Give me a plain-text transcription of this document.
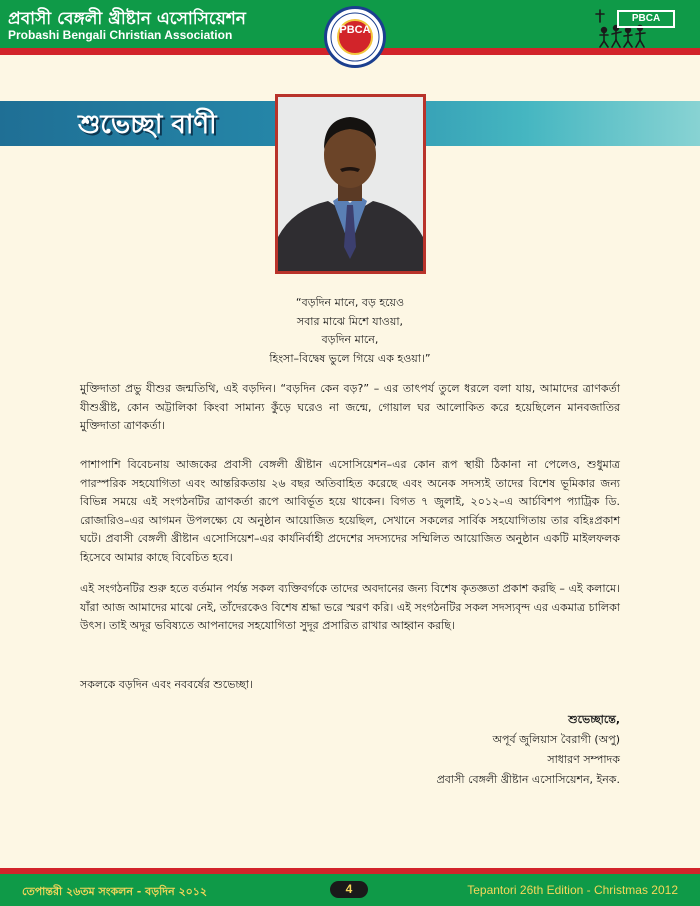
প্রবাসী বেঙ্গলী খ্রীষ্টান এসোসিয়েশন
Probashi Bengali Christian Association
PBCA
PBCA
শুভেচ্ছা বাণী
“বড়দিন মানে, বড় হয়েও
সবার মাঝে মিশে যাওয়া,
বড়দিন মানে,
হিংসা–বিদ্বেষ ভুলে গিয়ে এক হওয়া।”

মুক্তিদাতা প্রভু যীশুর জন্মতিথি, এই বড়দিন। “বড়দিন কেন বড়?” – এর তাৎপর্য তুলে ধরলে বলা যায়, আমাদের ত্রাণকর্তা যীশুখ্রীষ্ট, কোন অট্টালিকা কিংবা সামান্য কুঁড়ে ঘরেও না জন্মে, গোয়াল ঘর আলোকিত করে হয়েছিলেন মানবজাতির মুক্তিদাতা ত্রাণকর্তা।

পাশাপাশি বিবেচনায় আজকের প্রবাসী বেঙ্গলী খ্রীষ্টান এসোসিয়েশন–এর কোন রূপ স্থায়ী ঠিকানা না পেলেও, শুধুমাত্র পারস্পরিক সহযোগিতা এবং আন্তরিকতায় ২৬ বছর অতিবাহিত করেছে এবং অনেক সদস্যই তাদের বিশেষ ভূমিকার জন্য বিভিন্ন সময়ে এই সংগঠনটির ত্রাণকর্তা রূপে আবির্ভূত হয়ে থাকেন। বিগত ৭ জুলাই, ২০১২–এ আর্চবিশপ প্যাট্রিক ডি. রোজারিও–এর আগমন উপলক্ষ্যে যে অনুষ্ঠান আয়োজিত হয়েছিল, সেখানে সকলের সার্বিক সহযোগিতায় তার বহিঃপ্রকাশ ঘটে। প্রবাসী বেঙ্গলী খ্রীষ্টান এসোসিয়েশ–এর কার্যনির্বাহী প্রদেশের সদস্যদের সম্মিলিত আয়োজিত অনুষ্ঠান একটি মাইলফলক হিসেবে আমার কাছে বিবেচিত হবে।

এই সংগঠনটির শুরু হতে বর্তমান পর্যন্ত সকল ব্যক্তিবর্গকে তাদের অবদানের জন্য বিশেষ কৃতজ্ঞতা প্রকাশ করছি – এই কলামে। যাঁরা আজ আমাদের মাঝে নেই, তাঁদেরকেও বিশেষ শ্রদ্ধা ভরে স্মরণ করি। এই সংগঠনটির সকল সদস্যবৃন্দ এর একমাত্র চালিকা উৎস। তাই অদূর ভবিষ্যতে আপনাদের সহযোগিতা সুদূর প্রসারিত রাখার আহ্বান করছি।

সকলকে বড়দিন এবং নববর্ষের শুভেচ্ছা।

শুভেচ্ছান্তে,
অপূর্ব জুলিয়াস বৈরাগী (অপু)
সাধারণ সম্পাদক
প্রবাসী বেঙ্গলী খ্রীষ্টান এসোসিয়েশন, ইনক.
তেপান্তরী ২৬তম সংকলন - বড়দিন ২০১২	4	Tepantori 26th Edition - Christmas 2012
